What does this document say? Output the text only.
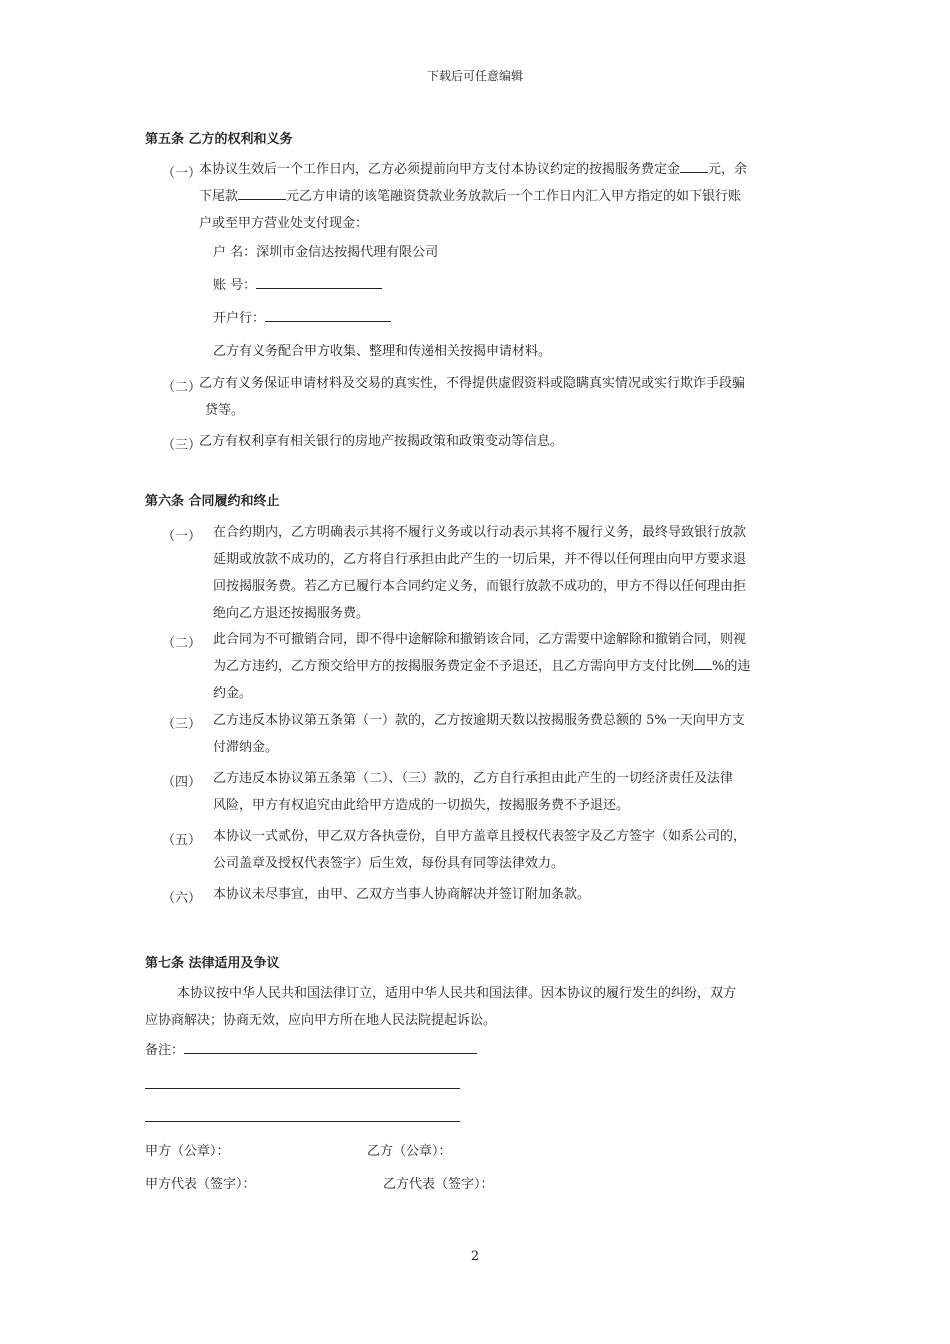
下载后可任意编辑
第五条 乙方的权利和义务
（一）
本协议生效后一个工作日内，乙方必须提前向甲方支付本协议约定的按揭服务费定金 元，余
下尾款	元乙方申请的该笔融资贷款业务放款后一个工作日内汇入甲方指定的如下银行账
户或至甲方营业处支付现金：
户 名：深圳市金信达按揭代理有限公司
账 号：
开户行：
乙方有义务配合甲方收集、整理和传递相关按揭申请材料。
（二）
乙方有义务保证申请材料及交易的真实性，不得提供虚假资料或隐瞒真实情况或实行欺诈手段骗
贷等。
（三）
乙方有权利享有相关银行的房地产按揭政策和政策变动等信息。
第六条 合同履约和终止
（一） 在合约期内，乙方明确表示其将不履行义务或以行动表示其将不履行义务，最终导致银行放款
延期或放款不成功的，乙方将自行承担由此产生的一切后果，并不得以任何理由向甲方要求退
回按揭服务费。若乙方已履行本合同约定义务，而银行放款不成功的，甲方不得以任何理由拒
绝向乙方退还按揭服务费。
（二） 此合同为不可撤销合同，即不得中途解除和撤销该合同，乙方需要中途解除和撤销合同，则视
为乙方违约，乙方预交给甲方的按揭服务费定金不予退还，且乙方需向甲方支付比例 %的违
约金。
（三） 乙方违反本协议第五条第（一）款的，乙方按逾期天数以按揭服务费总额的 5%一天向甲方支
付滞纳金。
（四） 乙方违反本协议第五条第（二）、（三）款的，乙方自行承担由此产生的一切经济责任及法律
风险，甲方有权追究由此给甲方造成的一切损失，按揭服务费不予退还。
（五） 本协议一式贰份，甲乙双方各执壹份，自甲方盖章且授权代表签字及乙方签字（如系公司的，
公司盖章及授权代表签字）后生效，每份具有同等法律效力。
（六） 本协议未尽事宜，由甲、乙双方当事人协商解决并签订附加条款。
第七条 法律适用及争议
本协议按中华人民共和国法律订立，适用中华人民共和国法律。因本协议的履行发生的纠纷，双方
应协商解决；协商无效，应向甲方所在地人民法院提起诉讼。
备注：
甲方（公章）：	乙方（公章）：
甲方代表（签字）：	乙方代表（签字）：
2
